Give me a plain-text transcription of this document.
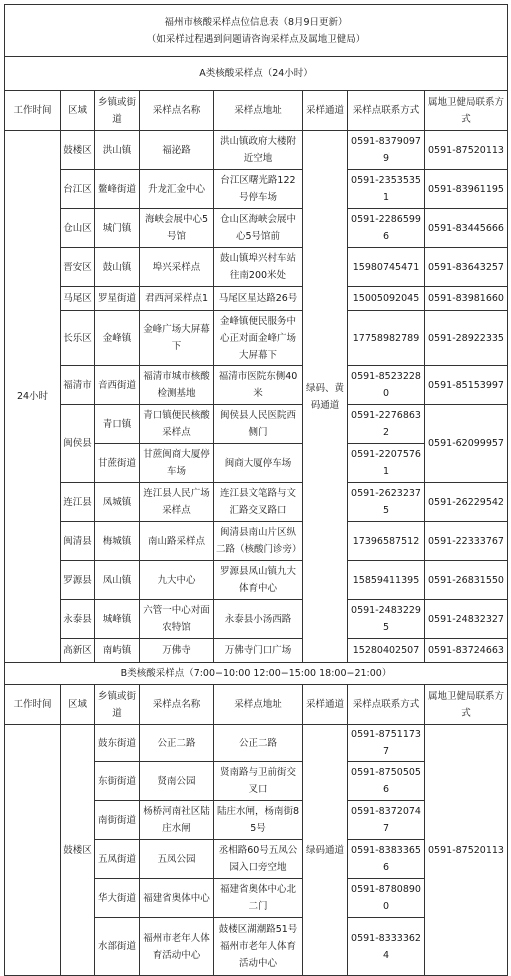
福州市核酸采样点位信息表（8月9日更新）
（如采样过程遇到问题请咨询采样点及属地卫健局）							

A类核酸采样点（24小时）							
工作时间	区域	乡镇或街道	采样点名称	采样点地址	采样通道	采样点联系方式	属地卫健局联系方式
24小时	鼓楼区	洪山镇	福泌路	洪山镇政府大楼附近空地	绿码、黄码通道	0591-83790979	0591-87520113
	台江区	鳌峰街道	升龙汇金中心	台江区曙光路122号停车场		0591-23535351	0591-83961195
	仓山区	城门镇	海峡会展中心5号馆	仓山区海峡会展中心5号馆前		0591-22865996	0591-83445666
	晋安区	鼓山镇	埠兴采样点	鼓山镇埠兴村车站往南200米处		15980745471	0591-83643257
	马尾区	罗星街道	君西河采样点1	马尾区星达路26号		15005092045	0591-83981660
	长乐区	金峰镇	金峰广场大屏幕下	金峰镇便民服务中心正对面金峰广场大屏幕下		17758982789	0591-28922335
	福清市	音西街道	福清市城市核酸检测基地	福清市医院东侧40米		0591-85232280	0591-85153997
	闽侯县	青口镇	青口镇便民核酸采样点	闽侯县人民医院西侧门		0591-22768632	0591-62099957
		甘蔗街道	甘蔗闽商大厦停车场	闽商大厦停车场		0591-22075761	
	连江县	凤城镇	连江县人民广场采样点	连江县文笔路与文汇路交叉路口		0591-26232375	0591-26229542
	闽清县	梅城镇	南山路采样点	闽清县南山片区纵二路（核酸门诊旁）		17396587512	0591-22333767
	罗源县	凤山镇	九大中心	罗源县凤山镇九大体育中心		15859411395	0591-26831550
	永泰县	城峰镇	六管一中心对面农特馆	永泰县小汤西路		0591-24832295	0591-24832327
	高新区	南屿镇	万佛寺	万佛寺门口广场		15280402507	0591-83724663
B类核酸采样点（7:00−10:00 12:00−15:00 18:00−21:00）							
工作时间	区域	乡镇或街道	采样点名称	采样点地址	采样通道	采样点联系方式	属地卫健局联系方式
	鼓楼区	鼓东街道	公正二路	公正二路	绿码通道	0591-87511737	0591-87520113
		东街街道	贤南公园	贤南路与卫前街交叉口		0591-87505056	
		南街街道	杨桥河南社区陆庄水闸	陆庄水闸，杨南街85号		0591-83720747	
		五凤街道	五凤公园	丞相路60号五凤公园入口旁空地		0591-83833656	
		华大街道	福建省奥体中心	福建省奥体中心北二门		0591-87808900	
		水部街道	福州市老年人体育活动中心	鼓楼区湖潮路51号福州市老年人体育活动中心		0591-83333624	
